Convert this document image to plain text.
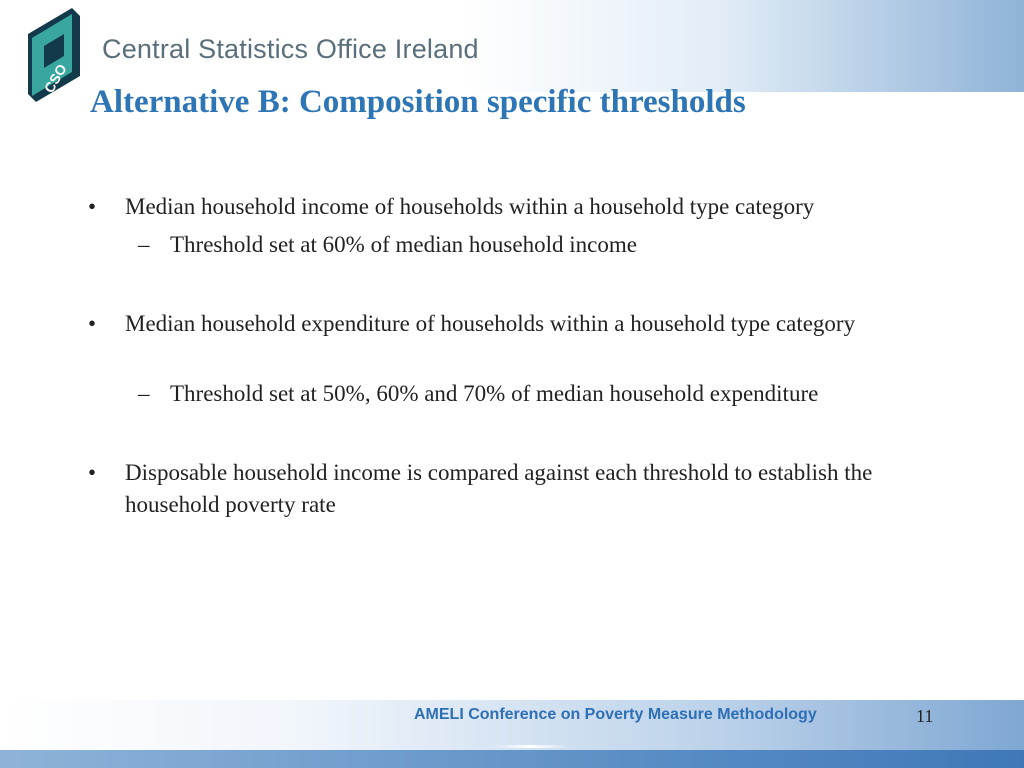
CSO
Central Statistics Office Ireland
Alternative B: Composition specific thresholds
• Median household income of households within a household type category
– Threshold set at 60% of median household income
• Median household expenditure of households within a household type category
– Threshold set at 50%, 60% and 70% of median household expenditure
• Disposable household income is compared against each threshold to establish the household poverty rate
AMELI Conference on Poverty Measure Methodology	11
